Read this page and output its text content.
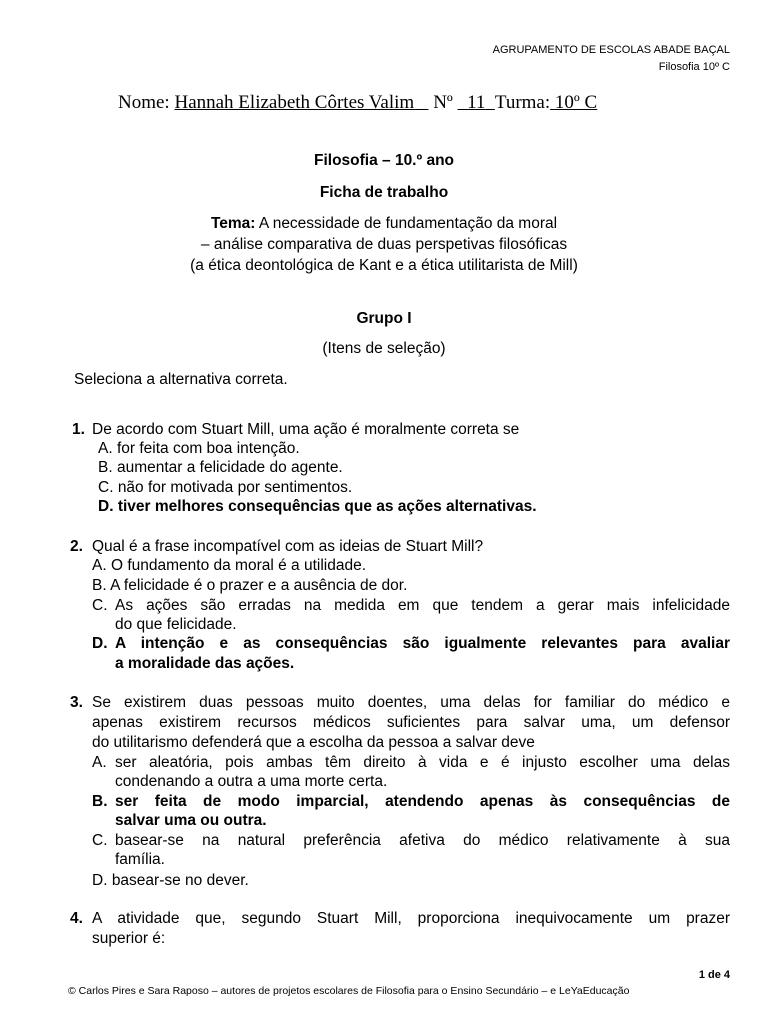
AGRUPAMENTO DE ESCOLAS ABADE BAÇAL
Filosofia 10º C
Nome: Hannah Elizabeth Côrtes Valim Nº 11 Turma: 10º C
Filosofia – 10.º ano
Ficha de trabalho
Tema: A necessidade de fundamentação da moral
– análise comparativa de duas perspetivas filosóficas
(a ética deontológica de Kant e a ética utilitarista de Mill)
Grupo I
(Itens de seleção)
Seleciona a alternativa correta.
1. De acordo com Stuart Mill, uma ação é moralmente correta se
A. for feita com boa intenção.
B. aumentar a felicidade do agente.
C. não for motivada por sentimentos.
D. tiver melhores consequências que as ações alternativas.
2. Qual é a frase incompatível com as ideias de Stuart Mill?
A. O fundamento da moral é a utilidade.
B. A felicidade é o prazer e a ausência de dor.
C. As ações são erradas na medida em que tendem a gerar mais infelicidade
do que felicidade.
D. A intenção e as consequências são igualmente relevantes para avaliar
a moralidade das ações.
3. Se existirem duas pessoas muito doentes, uma delas for familiar do médico e
apenas existirem recursos médicos suficientes para salvar uma, um defensor
do utilitarismo defenderá que a escolha da pessoa a salvar deve
A. ser aleatória, pois ambas têm direito à vida e é injusto escolher uma delas
condenando a outra a uma morte certa.
B. ser feita de modo imparcial, atendendo apenas às consequências de
salvar uma ou outra.
C. basear-se na natural preferência afetiva do médico relativamente à sua
família.
D. basear-se no dever.
4. A atividade que, segundo Stuart Mill, proporciona inequivocamente um prazer
superior é:
1 de 4
© Carlos Pires e Sara Raposo – autores de projetos escolares de Filosofia para o Ensino Secundário – e LeYaEducação
